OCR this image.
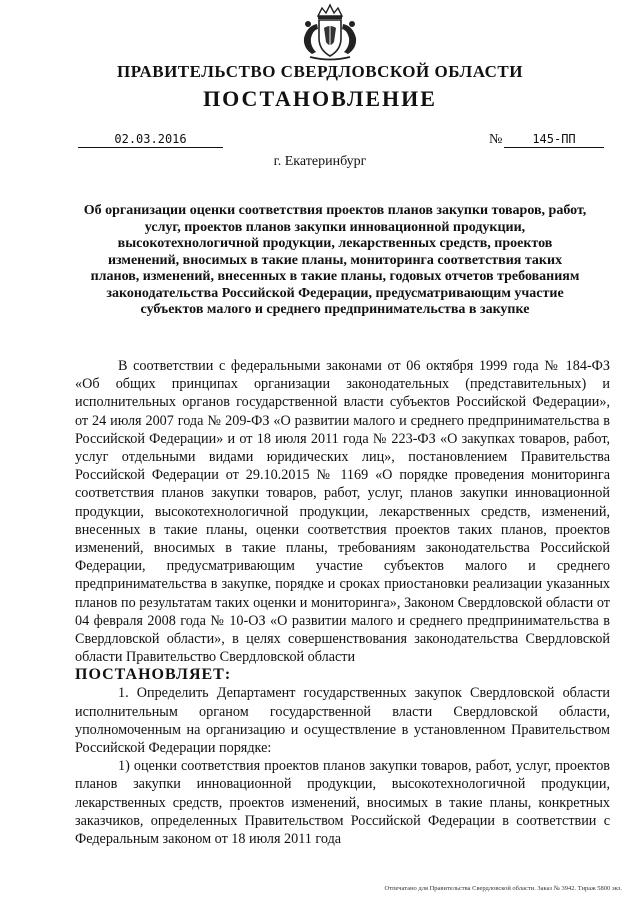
ПРАВИТЕЛЬСТВО СВЕРДЛОВСКОЙ ОБЛАСТИ
ПОСТАНОВЛЕНИЕ
02.03.2016	№	145-ПП
г. Екатеринбург
Об организации оценки соответствия проектов планов закупки товаров, работ, услуг, проектов планов закупки инновационной продукции, высокотехнологичной продукции, лекарственных средств, проектов изменений, вносимых в такие планы, мониторинга соответствия таких планов, изменений, внесенных в такие планы, годовых отчетов требованиям законодательства Российской Федерации, предусматривающим участие субъектов малого и среднего предпринимательства в закупке

В соответствии с федеральными законами от 06 октября 1999 года № 184-ФЗ «Об общих принципах организации законодательных (представительных) и исполнительных органов государственной власти субъектов Российской Федерации», от 24 июля 2007 года № 209-ФЗ «О развитии малого и среднего предпринимательства в Российской Федерации» и от 18 июля 2011 года № 223-ФЗ «О закупках товаров, работ, услуг отдельными видами юридических лиц», постановлением Правительства Российской Федерации от 29.10.2015 № 1169 «О порядке проведения мониторинга соответствия планов закупки товаров, работ, услуг, планов закупки инновационной продукции, высокотехнологичной продукции, лекарственных средств, изменений, внесенных в такие планы, оценки соответствия проектов таких планов, проектов изменений, вносимых в такие планы, требованиям законодательства Российской Федерации, предусматривающим участие субъектов малого и среднего предпринимательства в закупке, порядке и сроках приостановки реализации указанных планов по результатам таких оценки и мониторинга», Законом Свердловской области от 04 февраля 2008 года № 10-ОЗ «О развитии малого и среднего предпринимательства в Свердловской области», в целях совершенствования законодательства Свердловской области Правительство Свердловской области

ПОСТАНОВЛЯЕТ:

1. Определить Департамент государственных закупок Свердловской области исполнительным органом государственной власти Свердловской области, уполномоченным на организацию и осуществление в установленном Правительством Российской Федерации порядке:

1) оценки соответствия проектов планов закупки товаров, работ, услуг, проектов планов закупки инновационной продукции, высокотехнологичной продукции, лекарственных средств, проектов изменений, вносимых в такие планы, конкретных заказчиков, определенных Правительством Российской Федерации в соответствии с Федеральным законом от 18 июля 2011 года

Отпечатано для Правительства Свердловской области. Заказ № 3942. Тираж 5800 экз.
